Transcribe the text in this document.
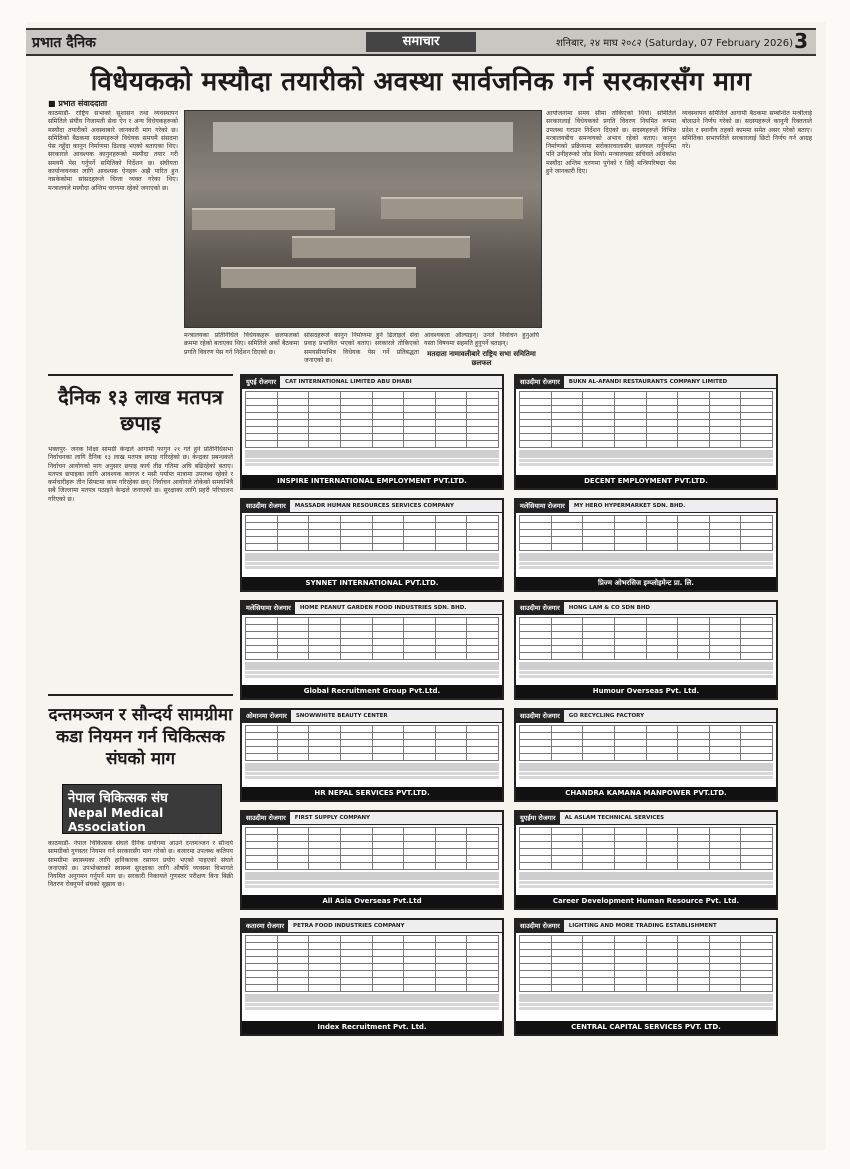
प्रभात दैनिक	समाचार	शनिबार, २४ माघ २०८२ (Saturday, 07 February 2026) 3
विधेयकको मस्यौदा तयारीको अवस्था सार्वजनिक गर्न सरकारसँग माग
■ प्रभात संवाददाता
काठमाडौं- राष्ट्रिय सभाको सुशासन तथा व्यवस्थापन समितिले संघीय निजामती सेवा ऐन र अन्य विधेयकहरूको मस्यौदा तयारीको अवस्थाबारे जानकारी माग गरेको छ। समितिको बैठकमा सदस्यहरूले विधेयक समयमै संसदमा पेस नहुँदा कानुन निर्माणमा ढिलाइ भएको बताएका थिए। सरकारले आवश्यक कानुनहरूको मस्यौदा तयार गरी समयमै पेस गर्नुपर्ने समितिको निर्देशन छ। संघीयता कार्यान्वयनका लागि आवश्यक ऐनहरू अझै पारित हुन नसकेकोमा सांसदहरूले चिन्ता व्यक्त गरेका थिए। मन्त्रालयले मस्यौदा अन्तिम चरणमा रहेको जनाएको छ।
मन्त्रालयका प्रतिनिधिले विधेयकहरू छलफलको क्रममा रहेको बताएका थिए। समितिले अर्को बैठकमा प्रगति विवरण पेस गर्न निर्देशन दिएको छ।
सांसदहरूले कानुन निर्माणमा हुने ढिलाइले सेवा प्रवाह प्रभावित भएको बताए। सरकारले तोकिएको समयसीमाभित्र विधेयक पेस गर्ने प्रतिबद्धता जनाएको छ।
आवश्यकता औंल्याइन्। उनले निर्वाचन हुनुअघि यस्ता विषयमा सहमति हुनुपर्ने बताइन्।
आयोजनामा समय सीमा तोकिएको थियो। समितिले सरकारलाई विधेयकको प्रगति विवरण नियमित रूपमा उपलब्ध गराउन निर्देशन दिएको छ। सदस्यहरूले विभिन्न मन्त्रालयबीच समन्वयको अभाव रहेको बताए। कानुन निर्माणको प्रक्रियामा सरोकारवालासँग छलफल गर्नुपर्नेमा पनि उनीहरूको जोड थियो। मन्त्रालयका सचिवले अधिकांश मस्यौदा अन्तिम चरणमा पुगेको र छिट्टै मन्त्रिपरिषद्मा पेस हुने जानकारी दिए।
व्यवस्थापन समितिले आगामी बैठकमा सम्बन्धित मन्त्रीलाई बोलाउने निर्णय गरेको छ। सदस्यहरूले कानुनी रिक्तताले प्रदेश र स्थानीय तहको काममा समेत असर परेको बताए। समितिका सभापतिले सरकारलाई छिटो निर्णय गर्न आग्रह गरे।
मतदाता नामावलीबारे राष्ट्रिय सभा समितिमा छलफल
दैनिक १३ लाख मतपत्र छपाइ
भक्तपुर- जनक शिक्षा सामग्री केन्द्रले आगामी फागुन २१ गते हुने प्रतिनिधिसभा निर्वाचनका लागि दैनिक १३ लाख मतपत्र छपाइ गरिरहेको छ। केन्द्रका प्रबन्धकले निर्वाचन आयोगको माग अनुसार छपाइ कार्य तीव्र गतिमा अघि बढिरहेको बताए। मतपत्र छपाइका लागि आवश्यक कागज र मसी पर्याप्त मात्रामा उपलब्ध रहेको र कर्मचारीहरू तीन सिफ्टमा काम गरिरहेका छन्। निर्वाचन आयोगले तोकेको समयभित्रै सबै जिल्लामा मतपत्र पठाइने केन्द्रले जनाएको छ। सुरक्षाका लागि प्रहरी परिचालन गरिएको छ।
दन्तमञ्जन र सौन्दर्य सामग्रीमा कडा नियमन गर्न चिकित्सक संघको माग
नेपाल चिकित्सक संघ
Nepal Medical Association
Estd.2007 (B.S)
काठमाडौं- नेपाल चिकित्सक संघले दैनिक प्रयोगमा आउने दन्तमञ्जन र सौन्दर्य सामग्रीको गुणस्तर नियमन गर्न सरकारसँग माग गरेको छ। बजारमा उपलब्ध कतिपय सामग्रीमा स्वास्थ्यका लागि हानिकारक रसायन प्रयोग भएको पाइएको संघले जनाएको छ। उपभोक्ताको स्वास्थ्य सुरक्षाका लागि औषधि व्यवस्था विभागले नियमित अनुगमन गर्नुपर्ने माग छ। सरकारी निकायले गुणस्तर परीक्षण बिना बिक्री वितरण रोक्नुपर्ने संघको सुझाव छ।
युएई रोजगार	CAT INTERNATIONAL LIMITED ABU DHABI

INSPIRE INTERNATIONAL EMPLOYMENT PVT.LTD.
साउदीमा रोजगार	BUKN AL-AFANDI RESTAURANTS COMPANY LIMITED

DECENT EMPLOYMENT PVT.LTD.
साउदीमा रोजगार	MASSADR HUMAN RESOURCES SERVICES COMPANY

SYNNET INTERNATIONAL PVT.LTD.
मलेसियामा रोजगार	MY HERO HYPERMARKET SDN. BHD.

प्रिज्म ओभरसिज इम्प्लोइमेन्ट प्रा. लि.
मलेसियामा रोजगार	HOME PEANUT GARDEN FOOD INDUSTRIES SDN. BHD.

Global Recruitment Group Pvt.Ltd.
साउदीमा रोजगार	HONG LAM & CO SDN BHD

Humour Overseas Pvt. Ltd.
ओमानमा रोजगार	SNOWWHITE BEAUTY CENTER

HR NEPAL SERVICES PVT.LTD.
साउदीमा रोजगार	GO RECYCLING FACTORY

CHANDRA KAMANA MANPOWER PVT.LTD.
साउदीमा रोजगार	FIRST SUPPLY COMPANY

All Asia Overseas Pvt.Ltd
युएईमा रोजगार	AL ASLAM TECHNICAL SERVICES

Career Development Human Resource Pvt. Ltd.
कतारमा रोजगार	PETRA FOOD INDUSTRIES COMPANY

Index Recruitment Pvt. Ltd.
साउदीमा रोजगार	LIGHTING AND MORE TRADING ESTABLISHMENT

CENTRAL CAPITAL SERVICES PVT. LTD.
